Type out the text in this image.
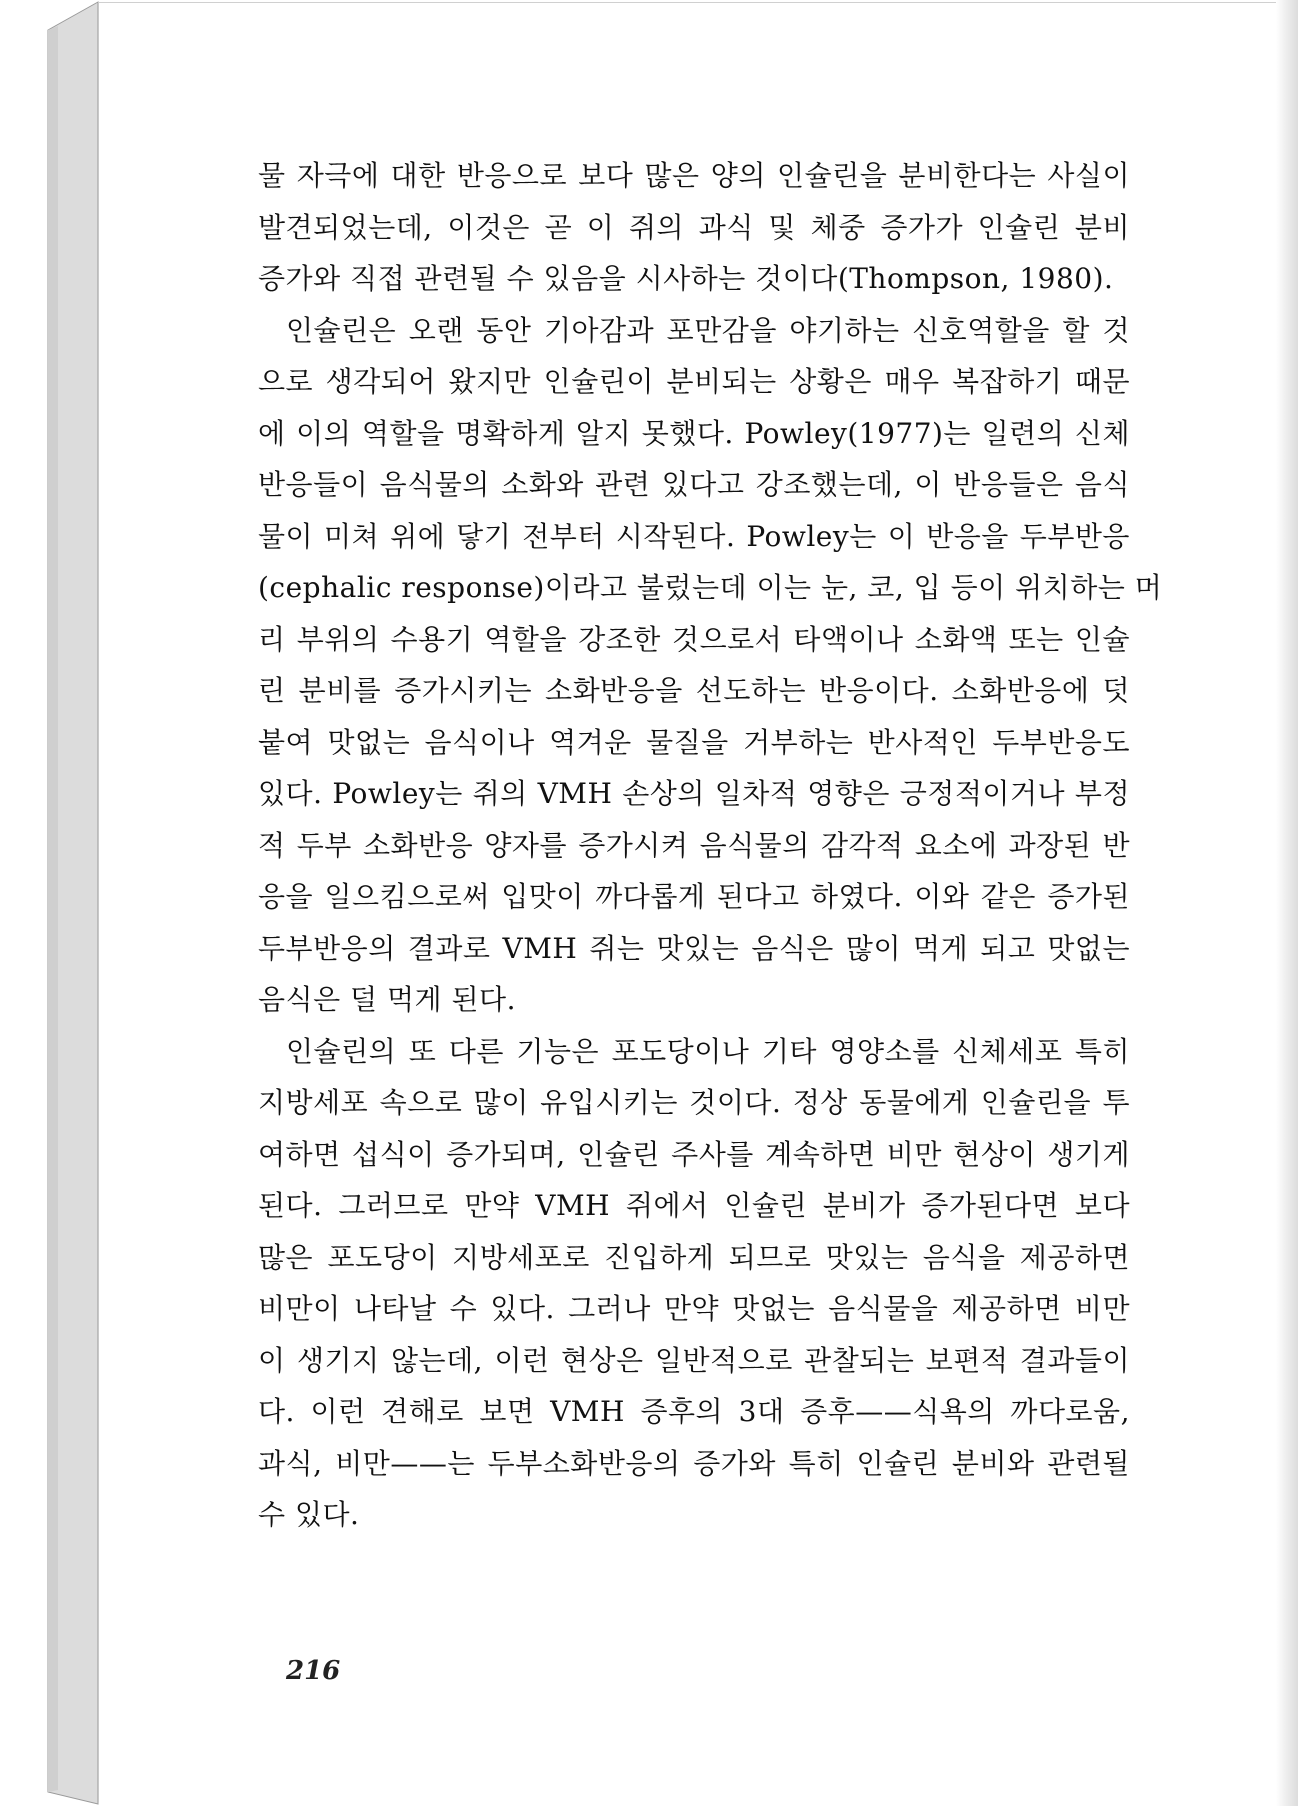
물 자극에 대한 반응으로 보다 많은 양의 인슐린을 분비한다는 사실이
발견되었는데, 이것은 곧 이 쥐의 과식 및 체중 증가가 인슐린 분비
증가와 직접 관련될 수 있음을 시사하는 것이다(Thompson, 1980).
인슐린은 오랜 동안 기아감과 포만감을 야기하는 신호역할을 할 것
으로 생각되어 왔지만 인슐린이 분비되는 상황은 매우 복잡하기 때문
에 이의 역할을 명확하게 알지 못했다. Powley(1977)는 일련의 신체
반응들이 음식물의 소화와 관련 있다고 강조했는데, 이 반응들은 음식
물이 미쳐 위에 닿기 전부터 시작된다. Powley는 이 반응을 두부반응
(cephalic response)이라고 불렀는데 이는 눈, 코, 입 등이 위치하는 머
리 부위의 수용기 역할을 강조한 것으로서 타액이나 소화액 또는 인슐
린 분비를 증가시키는 소화반응을 선도하는 반응이다. 소화반응에 덧
붙여 맛없는 음식이나 역겨운 물질을 거부하는 반사적인 두부반응도
있다. Powley는 쥐의 VMH 손상의 일차적 영향은 긍정적이거나 부정
적 두부 소화반응 양자를 증가시켜 음식물의 감각적 요소에 과장된 반
응을 일으킴으로써 입맛이 까다롭게 된다고 하였다. 이와 같은 증가된
두부반응의 결과로 VMH 쥐는 맛있는 음식은 많이 먹게 되고 맛없는
음식은 덜 먹게 된다.
인슐린의 또 다른 기능은 포도당이나 기타 영양소를 신체세포 특히
지방세포 속으로 많이 유입시키는 것이다. 정상 동물에게 인슐린을 투
여하면 섭식이 증가되며, 인슐린 주사를 계속하면 비만 현상이 생기게
된다. 그러므로 만약 VMH 쥐에서 인슐린 분비가 증가된다면 보다
많은 포도당이 지방세포로 진입하게 되므로 맛있는 음식을 제공하면
비만이 나타날 수 있다. 그러나 만약 맛없는 음식물을 제공하면 비만
이 생기지 않는데, 이런 현상은 일반적으로 관찰되는 보편적 결과들이
다. 이런 견해로 보면 VMH 증후의 3대 증후——식욕의 까다로움,
과식, 비만——는 두부소화반응의 증가와 특히 인슐린 분비와 관련될
수 있다.
216
